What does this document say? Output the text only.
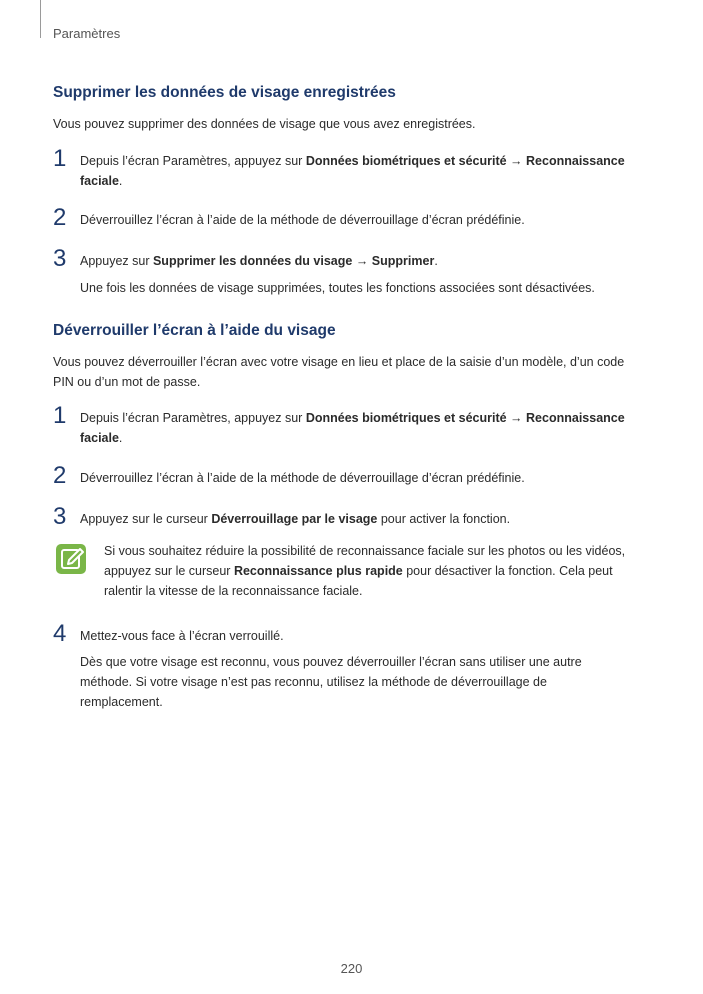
Paramètres
Supprimer les données de visage enregistrées
Vous pouvez supprimer des données de visage que vous avez enregistrées.
1	Depuis l’écran Paramètres, appuyez sur Données biométriques et sécurité → Reconnaissance faciale.
2	Déverrouillez l’écran à l’aide de la méthode de déverrouillage d’écran prédéfinie.
3	Appuyez sur Supprimer les données du visage → Supprimer.
Une fois les données de visage supprimées, toutes les fonctions associées sont désactivées.
Déverrouiller l’écran à l’aide du visage
Vous pouvez déverrouiller l’écran avec votre visage en lieu et place de la saisie d’un modèle, d’un code PIN ou d’un mot de passe.
1	Depuis l’écran Paramètres, appuyez sur Données biométriques et sécurité → Reconnaissance faciale.
2	Déverrouillez l’écran à l’aide de la méthode de déverrouillage d’écran prédéfinie.
3	Appuyez sur le curseur Déverrouillage par le visage pour activer la fonction.
Si vous souhaitez réduire la possibilité de reconnaissance faciale sur les photos ou les vidéos, appuyez sur le curseur Reconnaissance plus rapide pour désactiver la fonction. Cela peut ralentir la vitesse de la reconnaissance faciale.
4	Mettez-vous face à l’écran verrouillé.
Dès que votre visage est reconnu, vous pouvez déverrouiller l’écran sans utiliser une autre méthode. Si votre visage n’est pas reconnu, utilisez la méthode de déverrouillage de remplacement.
220
